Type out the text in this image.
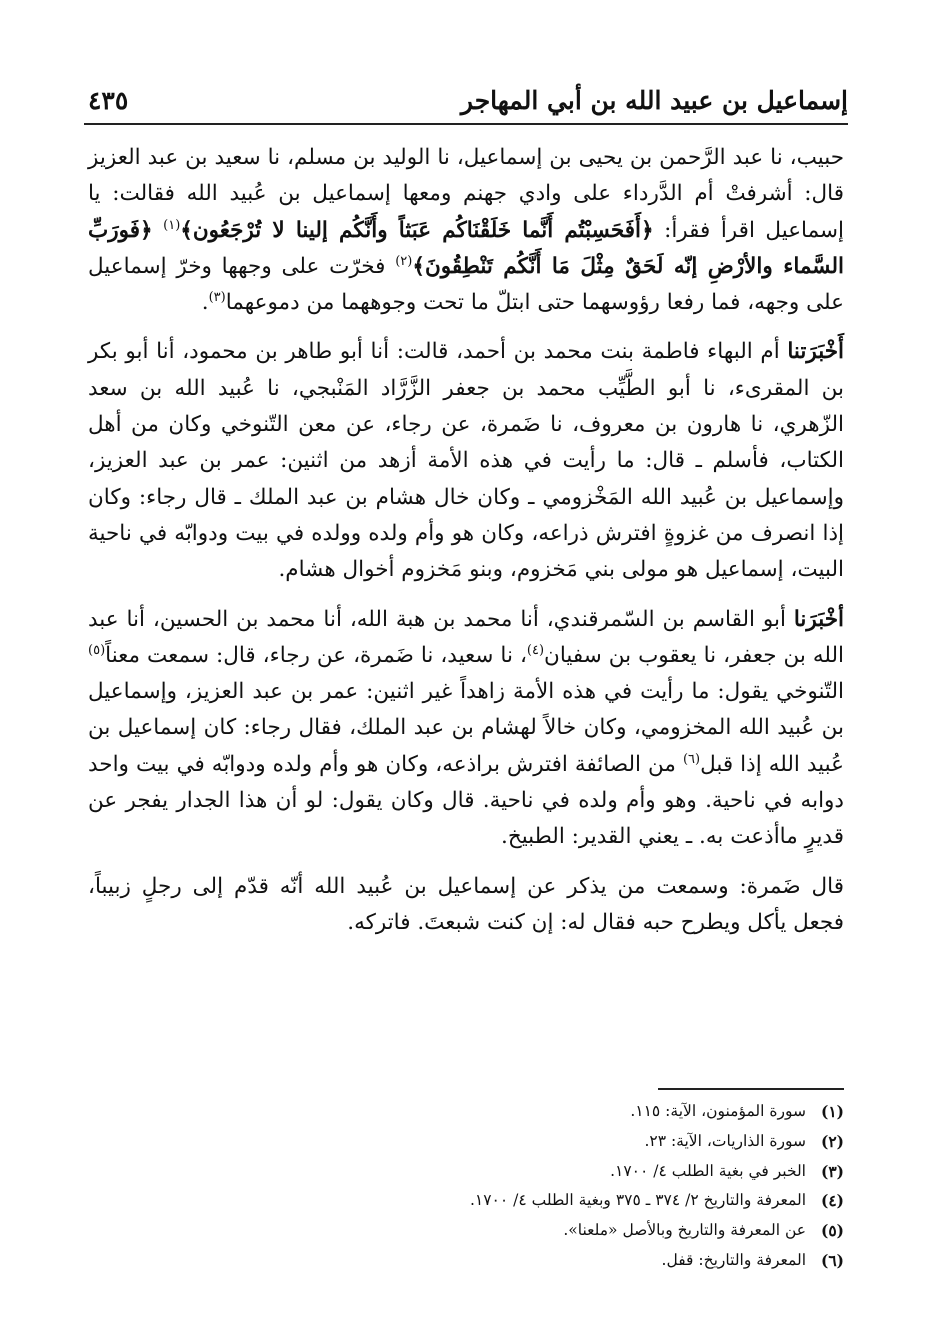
إسماعيل بن عبيد الله بن أبي المهاجر
٤٣٥

حبيب، نا عبد الرَّحمن بن يحيى بن إسماعيل، نا الوليد بن مسلم، نا سعيد بن عبد العزيز قال: أشرفتْ أم الدَّرداء على وادي جهنم ومعها إسماعيل بن عُبيد الله فقالت: يا إسماعيل اقرأ فقرأ: ﴿أَفَحَسِبْتُم أَنَّما خَلَقْنَاكُم عَبَثاً وأَنَّكُم إلينا لا تُرْجَعُون﴾$^{(١)}$ ﴿فَورَبِّ السَّماء والأرْضِ إنّه لَحَقٌ مِثْلَ مَا أَنَّكُم تَنْطِقُونَ﴾$^{(٢)}$ فخرّت على وجهها وخرّ إسماعيل على وجهه، فما رفعا رؤوسهما حتى ابتلّ ما تحت وجوههما من دموعهما$^{(٣)}$.

أَخْبَرَتنا أم البهاء فاطمة بنت محمد بن أحمد، قالت: أنا أبو طاهر بن محمود، أنا أبو بكر بن المقرىء، نا أبو الطَّيِّب محمد بن جعفر الزَّرَّاد المَنْبجي، نا عُبيد الله بن سعد الزّهري، نا هارون بن معروف، نا ضَمرة، عن رجاء، عن معن التّنوخي وكان من أهل الكتاب، فأسلم ـ قال: ما رأيت في هذه الأمة أزهد من اثنين: عمر بن عبد العزيز، وإسماعيل بن عُبيد الله المَخْزومي ـ وكان خال هشام بن عبد الملك ـ قال رجاء: وكان إذا انصرف من غزوةٍ افترش ذراعه، وكان هو وأم ولده وولده في بيت ودوابّه في ناحية البيت، إسماعيل هو مولى بني مَخزوم، وبنو مَخزوم أخوال هشام.

أخْبَرَنا أبو القاسم بن السّمرقندي، أنا محمد بن هبة الله، أنا محمد بن الحسين، أنا عبد الله بن جعفر، نا يعقوب بن سفيان$^{(٤)}$، نا سعيد، نا ضَمرة، عن رجاء، قال: سمعت معناً$^{(٥)}$ التّنوخي يقول: ما رأيت في هذه الأمة زاهداً غير اثنين: عمر بن عبد العزيز، وإسماعيل بن عُبيد الله المخزومي، وكان خالاً لهشام بن عبد الملك، فقال رجاء: كان إسماعيل بن عُبيد الله إذا قبل$^{(٦)}$ من الصائفة افترش براذعه، وكان هو وأم ولده ودوابّه في بيت واحد دوابه في ناحية. وهو وأم ولده في ناحية. قال وكان يقول: لو أن هذا الجدار يفجر عن قديرٍ ماأذعت به. ـ يعني القدير: الطبيخ.

قال ضَمرة: وسمعت من يذكر عن إسماعيل بن عُبيد الله أنّه قدّم إلى رجلٍ زبيباً، فجعل يأكل ويطرح حبه فقال له: إن كنت شبعتَ. فاتركه.

(١)
سورة المؤمنون، الآية: ١١٥.
(٢)
سورة الذاريات، الآية: ٢٣.
(٣)
الخبر في بغية الطلب ٤/ ١٧٠٠.
(٤)
المعرفة والتاريخ ٢/ ٣٧٤ ـ ٣٧٥ وبغية الطلب ٤/ ١٧٠٠.
(٥)
عن المعرفة والتاريخ وبالأصل «ملعنا».
(٦)
المعرفة والتاريخ: قفل.
